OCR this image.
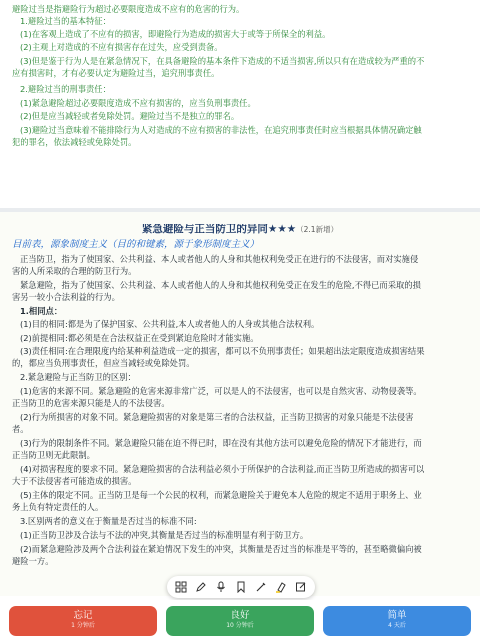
避险过当是指避险行为超过必要限度造成不应有的危害的行为。
1.避险过当的基本特征：
(1)在客观上造成了不应有的损害，即避险行为造成的损害大于或等于所保全的利益。
(2)主观上对造成的不应有损害存在过失，应受到责备。
(3)但是鉴于行为人是在紧急情况下，在具备避险的基本条件下造成的不适当损害,所以只有在造成较为严重的不
应有损害时，才有必要认定为避险过当，追究刑事责任。
2.避险过当的刑事责任：
(1)紧急避险超过必要限度造成不应有损害的，应当负刑事责任。
(2)但是应当减轻或者免除处罚。避险过当不是独立的罪名。
(3)避险过当意味着不能排除行为人对造成的不应有损害的非法性，在追究刑事责任时应当根据具体情况确定触
犯的罪名，依法减轻或免除处罚。
紧急避险与正当防卫的异同★★★（2.1新增）
目前表，源象制度主义（目的和键素，源于象形制度主义）
正当防卫，指为了使国家、公共利益、本人或者他人的人身和其他权利免受正在进行的不法侵害，而对实施侵
害的人所采取的合理的防卫行为。
紧急避险，指为了使国家、公共利益、本人或者他人的人身和其他权利免受正在发生的危险,不得已而采取的损
害另一较小合法利益的行为。
1.相同点：
(1)目的相同:都是为了保护国家、公共利益,本人或者他人的人身或其他合法权利。
(2)前提相同:都必须是在合法权益正在受到紧迫危险时才能实施。
(3)责任相同:在合理限度内给某种利益造成一定的损害，都可以不负刑事责任；如果超出法定限度造成损害结果
的，都应当负刑事责任，但应当减轻或免除处罚。
2.紧急避险与正当防卫的区别：
(1)危害的来源不同。紧急避险的危害来源非常广泛，可以是人的不法侵害，也可以是自然灾害、动物侵袭等。
正当防卫的危害来源只能是人的不法侵害。
(2)行为所损害的对象不同。紧急避险损害的对象是第三者的合法权益，正当防卫损害的对象只能是不法侵害
者。
(3)行为的限制条件不同。紧急避险只能在迫不得已时，即在没有其他方法可以避免危险的情况下才能进行，而
正当防卫则无此限制。
(4)对损害程度的要求不同。紧急避险损害的合法利益必须小于所保护的合法利益,而正当防卫所造成的损害可以
大于不法侵害者可能造成的损害。
(5)主体的限定不同。正当防卫是每一个公民的权利，而紧急避险关于避免本人危险的规定不适用于职务上、业
务上负有特定责任的人。
3.区别两者的意义在于衡量是否过当的标准不同:
(1)正当防卫涉及合法与不法的冲突,其衡量是否过当的标准明显有利于防卫方。
(2)而紧急避险涉及两个合法利益在紧迫情况下发生的冲突，其衡量是否过当的标准是平等的，甚至略微偏向被
避险一方。
忘记
1 分钟后
良好
10 分钟后
简单
4 天后
